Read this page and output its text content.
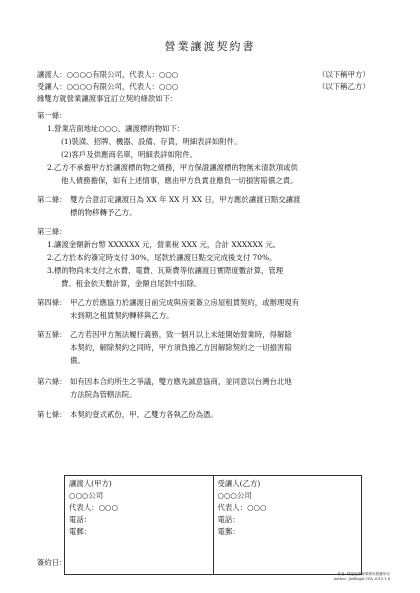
營業讓渡契約書
讓渡人：○○○○有限公司，代表人：○○○	（以下稱甲方）
受讓人：○○○○有限公司，代表人：○○○	（以下稱乙方）
緣雙方就營業讓渡事宜訂立契約條款如下：
第一條：
1.營業店面地址○○○，讓渡標的物如下：
(1)裝潢、招牌、機器、設備、存貨，明細表詳如附件。
(2)客戶及供應商名單，明細表詳如附件。
2.乙方不承擔甲方於讓渡標的物之債務，甲方保證讓渡標的物無未清款項或供
他人債務擔保，如有上述情事，應由甲方負責並應負一切損害賠償之責。
第二條： 雙方合意訂定讓渡日為 XX 年 XX 月 XX 日，甲方應於讓渡日點交讓渡
標的物移轉予乙方。
第三條：
1.讓渡金額新台幣 XXXXXX 元，營業稅 XXX 元，合計 XXXXXX 元。
2.乙方於本約簽定時支付 30%，尾款於讓渡日點交完成後支付 70%。
3.標的物尚未支付之水費、電費、瓦斯費等依讓渡日實際度數計算，管理
費、租金依天數計算，金額自尾款中扣除。
第四條： 甲乙方於應協力於讓渡日前完成與房東簽立房屋租賃契約，或辦理現有
未到期之租賃契約轉移與乙方。
第五條： 乙方若因甲方無法履行義務，致一個月以上未能開始營業時，得解除
本契約，解除契約之同時，甲方須負擔乙方因解除契約之一切損害賠
償。
第六條： 如有因本合約所生之爭議，雙方應先誠意協商，並同意以台灣台北地
方法院為管轄法院。
第七條： 本契約壹式貳份，甲、乙雙方各執乙份為憑。
讓渡人(甲方)
○○○公司
代表人：○○○
電話：
電郵：

受讓人(乙方)
○○○公司
代表人：○○○
電話：
電郵：
簽約日：
作者: 陳福庭律師事務所版權所有
Author: Jiedlegal CPA 2015.1.8
